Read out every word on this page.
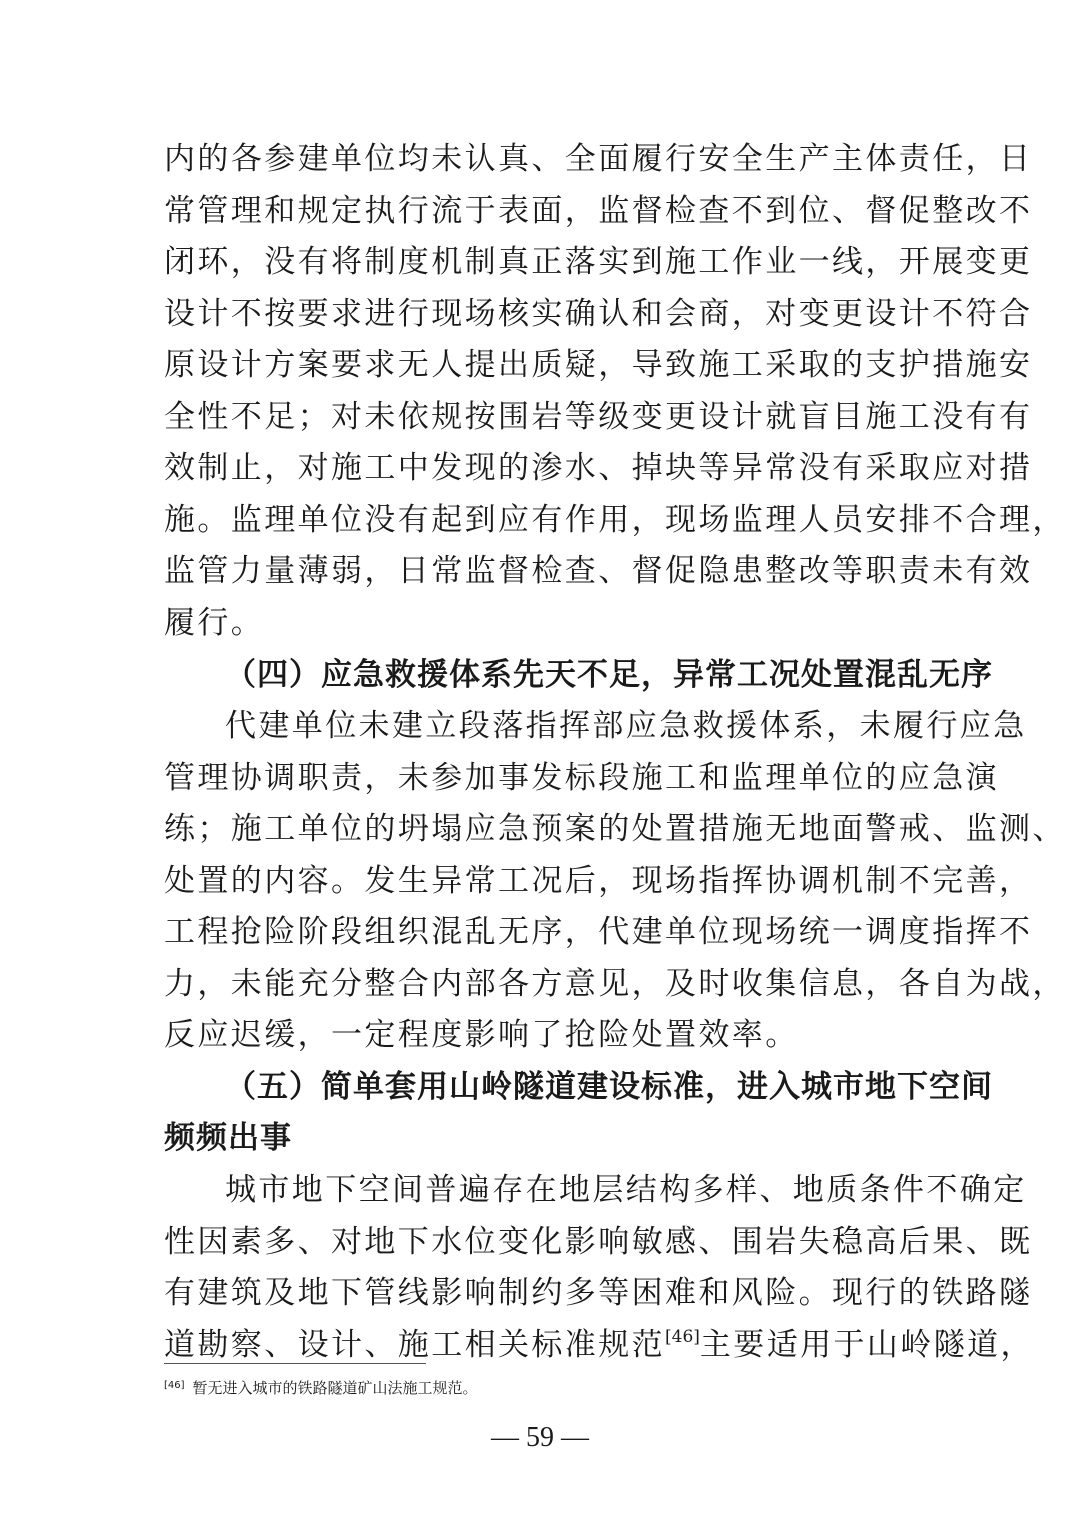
内的各参建单位均未认真、全面履行安全生产主体责任，日
常管理和规定执行流于表面，监督检查不到位、督促整改不
闭环，没有将制度机制真正落实到施工作业一线，开展变更
设计不按要求进行现场核实确认和会商，对变更设计不符合
原设计方案要求无人提出质疑，导致施工采取的支护措施安
全性不足；对未依规按围岩等级变更设计就盲目施工没有有
效制止，对施工中发现的渗水、掉块等异常没有采取应对措
施。监理单位没有起到应有作用，现场监理人员安排不合理，
监管力量薄弱，日常监督检查、督促隐患整改等职责未有效
履行。
（四）应急救援体系先天不足，异常工况处置混乱无序
代建单位未建立段落指挥部应急救援体系，未履行应急
管理协调职责，未参加事发标段施工和监理单位的应急演
练；施工单位的坍塌应急预案的处置措施无地面警戒、监测、
处置的内容。发生异常工况后，现场指挥协调机制不完善，
工程抢险阶段组织混乱无序，代建单位现场统一调度指挥不
力，未能充分整合内部各方意见，及时收集信息，各自为战，
反应迟缓，一定程度影响了抢险处置效率。
（五）简单套用山岭隧道建设标准，进入城市地下空间
频频出事
城市地下空间普遍存在地层结构多样、地质条件不确定
性因素多、对地下水位变化影响敏感、围岩失稳高后果、既
有建筑及地下管线影响制约多等困难和风险。现行的铁路隧
道勘察、设计、施工相关标准规范[46]主要适用于山岭隧道，
[46] 暂无进入城市的铁路隧道矿山法施工规范。
— 59 —
